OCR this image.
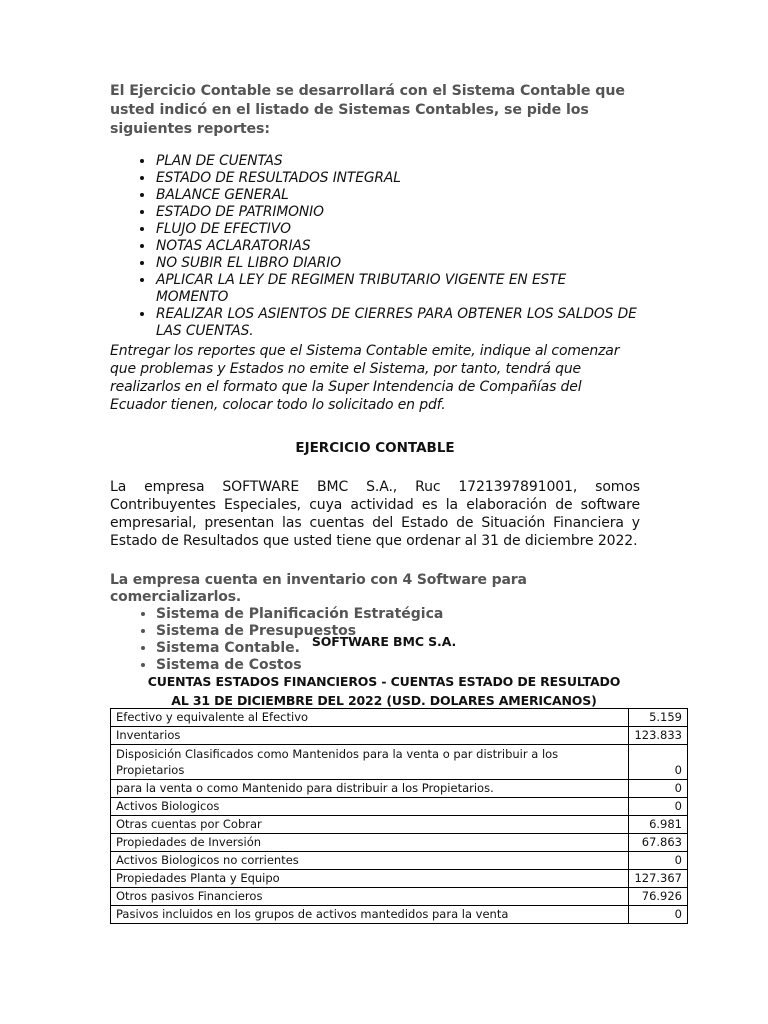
El Ejercicio Contable se desarrollará con el Sistema Contable que usted indicó en el listado de Sistemas Contables, se pide los siguientes reportes:

• PLAN DE CUENTAS
• ESTADO DE RESULTADOS INTEGRAL
• BALANCE GENERAL
• ESTADO DE PATRIMONIO
• FLUJO DE EFECTIVO
• NOTAS ACLARATORIAS
• NO SUBIR EL LIBRO DIARIO
• APLICAR LA LEY DE REGIMEN TRIBUTARIO VIGENTE EN ESTE MOMENTO
• REALIZAR LOS ASIENTOS DE CIERRES PARA OBTENER LOS SALDOS DE LAS CUENTAS.

Entregar los reportes que el Sistema Contable emite, indique al comenzar que problemas y Estados no emite el Sistema, por tanto, tendrá que realizarlos en el formato que la Super Intendencia de Compañías del Ecuador tienen, colocar todo lo solicitado en pdf.

EJERCICIO CONTABLE

La empresa SOFTWARE BMC S.A., Ruc 1721397891001, somos Contribuyentes Especiales, cuya actividad es la elaboración de software empresarial, presentan las cuentas del Estado de Situación Financiera y Estado de Resultados que usted tiene que ordenar al 31 de diciembre 2022.

La empresa cuenta en inventario con 4 Software para comercializarlos.

• Sistema de Planificación Estratégica
• Sistema de Presupuestos
• Sistema Contable.
• Sistema de Costos
SOFTWARE BMC S.A.
CUENTAS ESTADOS FINANCIEROS - CUENTAS ESTADO DE RESULTADO
AL 31 DE DICIEMBRE DEL 2022 (USD. DOLARES AMERICANOS)
Efectivo y equivalente al Efectivo	5.159
Inventarios	123.833
Disposición Clasificados como Mantenidos para la venta o par distribuir a los Propietarios	0
para la venta o como Mantenido para distribuir a los Propietarios.	0
Activos Biologicos	0
Otras cuentas por Cobrar	6.981
Propiedades de Inversión	67.863
Activos Biologicos no corrientes	0
Propiedades Planta y Equipo	127.367
Otros pasivos Financieros	76.926
Pasivos incluidos en los grupos de activos mantedidos para la venta	0
